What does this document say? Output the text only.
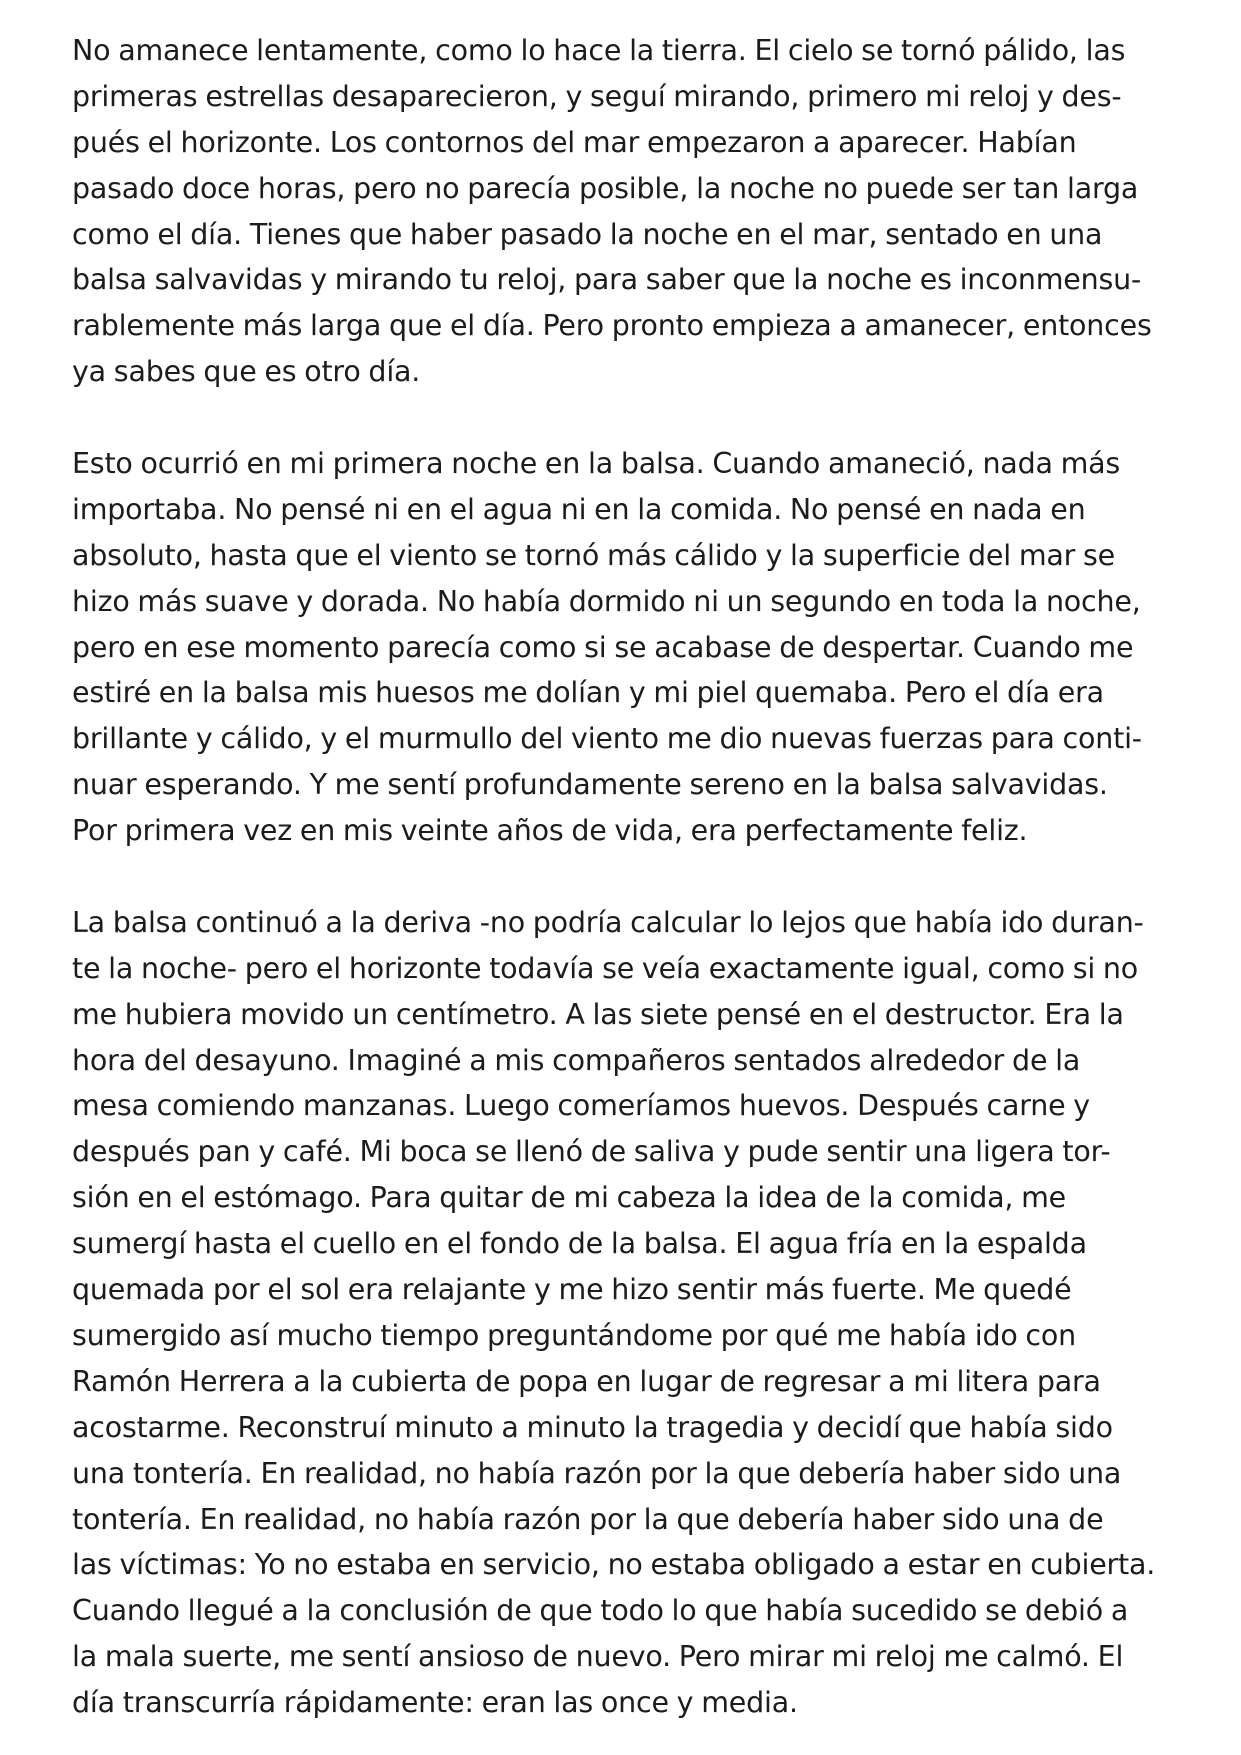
No amanece lentamente, como lo hace la tierra. El cielo se tornó pálido, las
primeras estrellas desaparecieron, y seguí mirando, primero mi reloj y des-
pués el horizonte. Los contornos del mar empezaron a aparecer. Habían
pasado doce horas, pero no parecía posible, la noche no puede ser tan larga
como el día. Tienes que haber pasado la noche en el mar, sentado en una
balsa salvavidas y mirando tu reloj, para saber que la noche es inconmensu-
rablemente más larga que el día. Pero pronto empieza a amanecer, entonces
ya sabes que es otro día.
Esto ocurrió en mi primera noche en la balsa. Cuando amaneció, nada más
importaba. No pensé ni en el agua ni en la comida. No pensé en nada en
absoluto, hasta que el viento se tornó más cálido y la superficie del mar se
hizo más suave y dorada. No había dormido ni un segundo en toda la noche,
pero en ese momento parecía como si se acabase de despertar. Cuando me
estiré en la balsa mis huesos me dolían y mi piel quemaba. Pero el día era
brillante y cálido, y el murmullo del viento me dio nuevas fuerzas para conti-
nuar esperando. Y me sentí profundamente sereno en la balsa salvavidas.
Por primera vez en mis veinte años de vida, era perfectamente feliz.
La balsa continuó a la deriva -no podría calcular lo lejos que había ido duran-
te la noche- pero el horizonte todavía se veía exactamente igual, como si no
me hubiera movido un centímetro. A las siete pensé en el destructor. Era la
hora del desayuno. Imaginé a mis compañeros sentados alrededor de la
mesa comiendo manzanas. Luego comeríamos huevos. Después carne y
después pan y café. Mi boca se llenó de saliva y pude sentir una ligera tor-
sión en el estómago. Para quitar de mi cabeza la idea de la comida, me
sumergí hasta el cuello en el fondo de la balsa. El agua fría en la espalda
quemada por el sol era relajante y me hizo sentir más fuerte. Me quedé
sumergido así mucho tiempo preguntándome por qué me había ido con
Ramón Herrera a la cubierta de popa en lugar de regresar a mi litera para
acostarme. Reconstruí minuto a minuto la tragedia y decidí que había sido
una tontería. En realidad, no había razón por la que debería haber sido una
tontería. En realidad, no había razón por la que debería haber sido una de
las víctimas: Yo no estaba en servicio, no estaba obligado a estar en cubierta.
Cuando llegué a la conclusión de que todo lo que había sucedido se debió a
la mala suerte, me sentí ansioso de nuevo. Pero mirar mi reloj me calmó. El
día transcurría rápidamente: eran las once y media.
